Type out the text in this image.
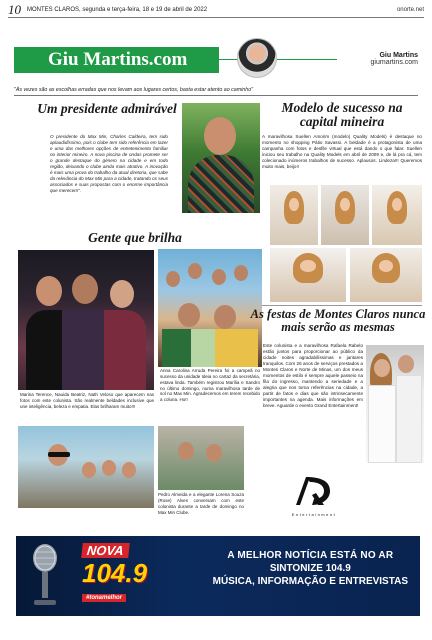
10 MONTES CLAROS, segunda e terça-feira, 18 e 19 de abril de 2022	onorte.net
Giu Martins.com	Giu Martins
giumartins.com
"Às vezes são as escolhas erradas que nos levam aos lugares certos, basta estar atento ao caminho"
Um presidente admirável
O presidente do Max Min, Charles Caldeira, tem sido aplaudidíssimo, pois o clube tem sido referência em lazer e uma das melhores opções de entretenimento familiar no interior mineiro. A nova piscina de ondas promete ser o grande destaque do género na cidade e em todo região, deixando o clube ainda mais atrativo. A inovação é mais uma prova do trabalho da atual diretoria, que sabe da relevância do Max Min para a cidade, tratando os seus associados e suas propostas com o enorme importância que merecem".
Modelo de sucesso na capital mineira
A maravilhosa Suellen Amorim (modelo) Quality Models) é destaque no momento no shopping Pátio Savassi. A beldade é a protagonista de uma campanha com fotos e desfile virtual que está dando o que falar. Suellen iniciou seu trabalho na Quality Models em abril de 2009 e, de lá pra cá, tem colecionado inúmeros trabalhos de sucesso. Aplausos. Lindeza!!! Queremos muito mais, beijo!!
Gente que brilha
Marina Terence, Nauida Beatriz, Nath Veloso que aparecem nas fotos com este colunista. São realmente beldades inclusive que une inteligência, beleza e empatia. Elas brilharam muito!!!
Anna Carolina Arruda Pereira foi a campeã no sucesso da unidade Ideia no cartaz da secretária, estava linda. Também registrou Marília e Sandro no último domingo, numa maravilhosa tarde de sol no Max Min. Agradecemos em terem recebido a coluna. Ho!!
Pedro Almeida e a elegante Lorena Souza (Rose) Alves conversam com este colunista durante a tarde de domingo no Max Min Clube.
As festas de Montes Claros nunca mais serão as mesmas
Este colunista e a maravilhosa Rafaela Rabelo estão juntos para proporcionar ao público da cidade noites agradabilíssimas e jantares tranquilos. Com 26 anos de serviços prestados a Montes Claros e Norte de Minas, um dos meus momentos de estilo é sempre aquele passeio na fila do ingresso, mantendo a seriedade e a alegria que nos torna referências na cidade, a partir de fatos e dias que são intrinsecamente importantes na agenda. Mais informações em breve. Aguarde o evento Grand Entertainment!
Entertainment
NOVA
104.9
#tonamelhor
A MELHOR NOTÍCIA ESTÁ NO AR
SINTONIZE 104.9
MÚSICA, INFORMAÇÃO E ENTREVISTAS
